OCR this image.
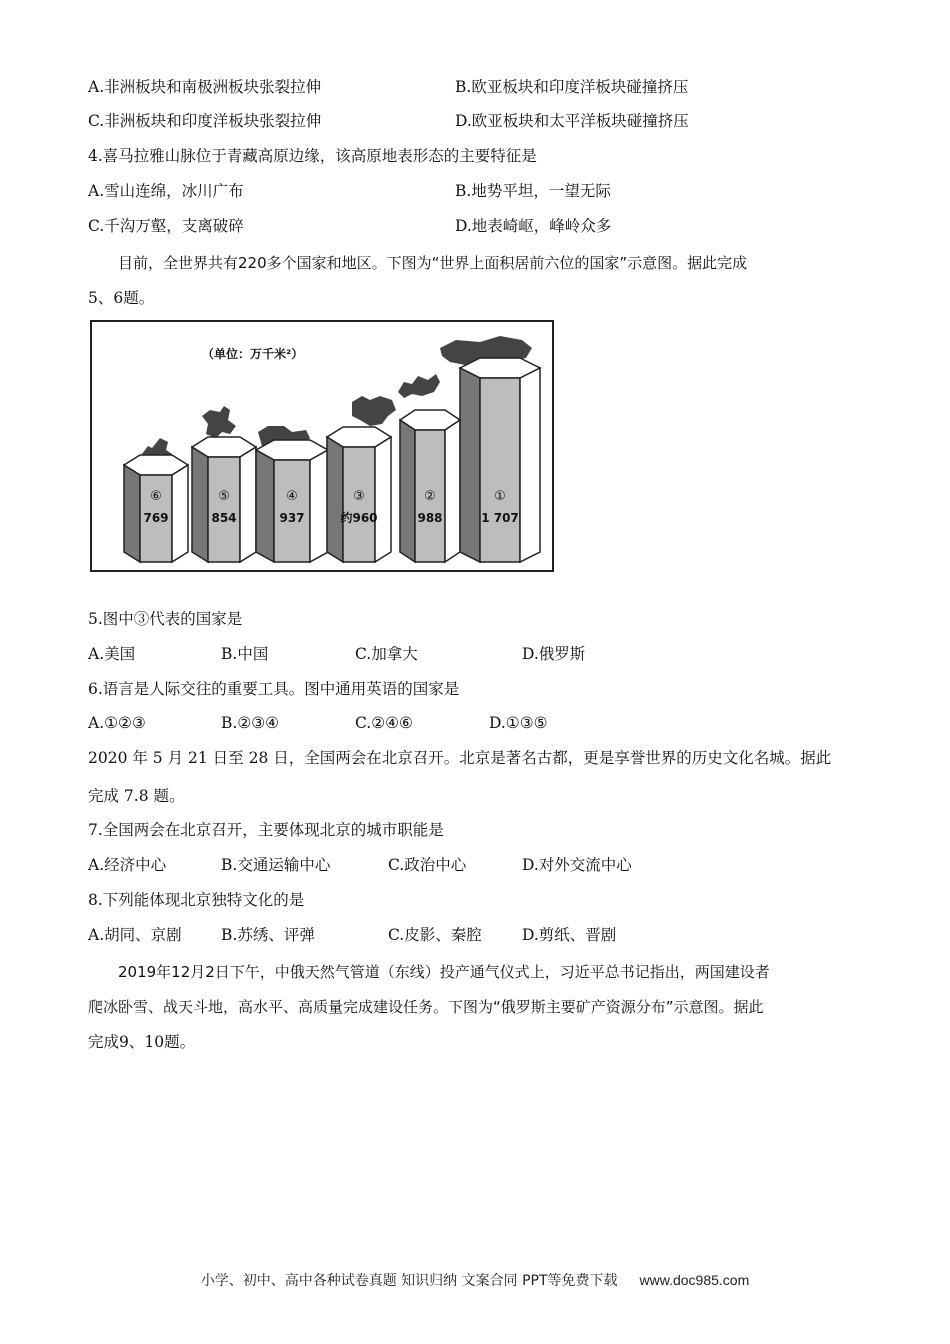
A.非洲板块和南极洲板块张裂拉伸	B.欧亚板块和印度洋板块碰撞挤压
C.非洲板块和印度洋板块张裂拉伸	D.欧亚板块和太平洋板块碰撞挤压
4.喜马拉雅山脉位于青藏高原边缘，该高原地表形态的主要特征是
A.雪山连绵，冰川广布	B.地势平坦，一望无际
C.千沟万壑，支离破碎	D.地表崎岖，峰岭众多
目前，全世界共有220多个国家和地区。下图为“世界上面积居前六位的国家”示意图。据此完成
5、6题。
（单位：万千米²）
⑥
769
⑤
854
④
937
③
约960
②
988
①
1 707
5.图中③代表的国家是
A.美国	B.中国	C.加拿大	D.俄罗斯
6.语言是人际交往的重要工具。图中通用英语的国家是
A.①②③	B.②③④	C.②④⑥	D.①③⑤
2020 年 5 月 21 日至 28 日，全国两会在北京召开。北京是著名古都，更是享誉世界的历史文化名城。据此
完成 7.8 题。
7.全国两会在北京召开，主要体现北京的城市职能是
A.经济中心	B.交通运输中心	C.政治中心	D.对外交流中心
8.下列能体现北京独特文化的是
A.胡同、京剧	B.苏绣、评弹	C.皮影、秦腔	D.剪纸、晋剧
2019年12月2日下午，中俄天然气管道（东线）投产通气仪式上，习近平总书记指出，两国建设者
爬冰卧雪、战天斗地，高水平、高质量完成建设任务。下图为“俄罗斯主要矿产资源分布”示意图。据此
完成9、10题。
小学、初中、高中各种试卷真题 知识归纳 文案合同 PPT等免费下载 www.doc985.com
